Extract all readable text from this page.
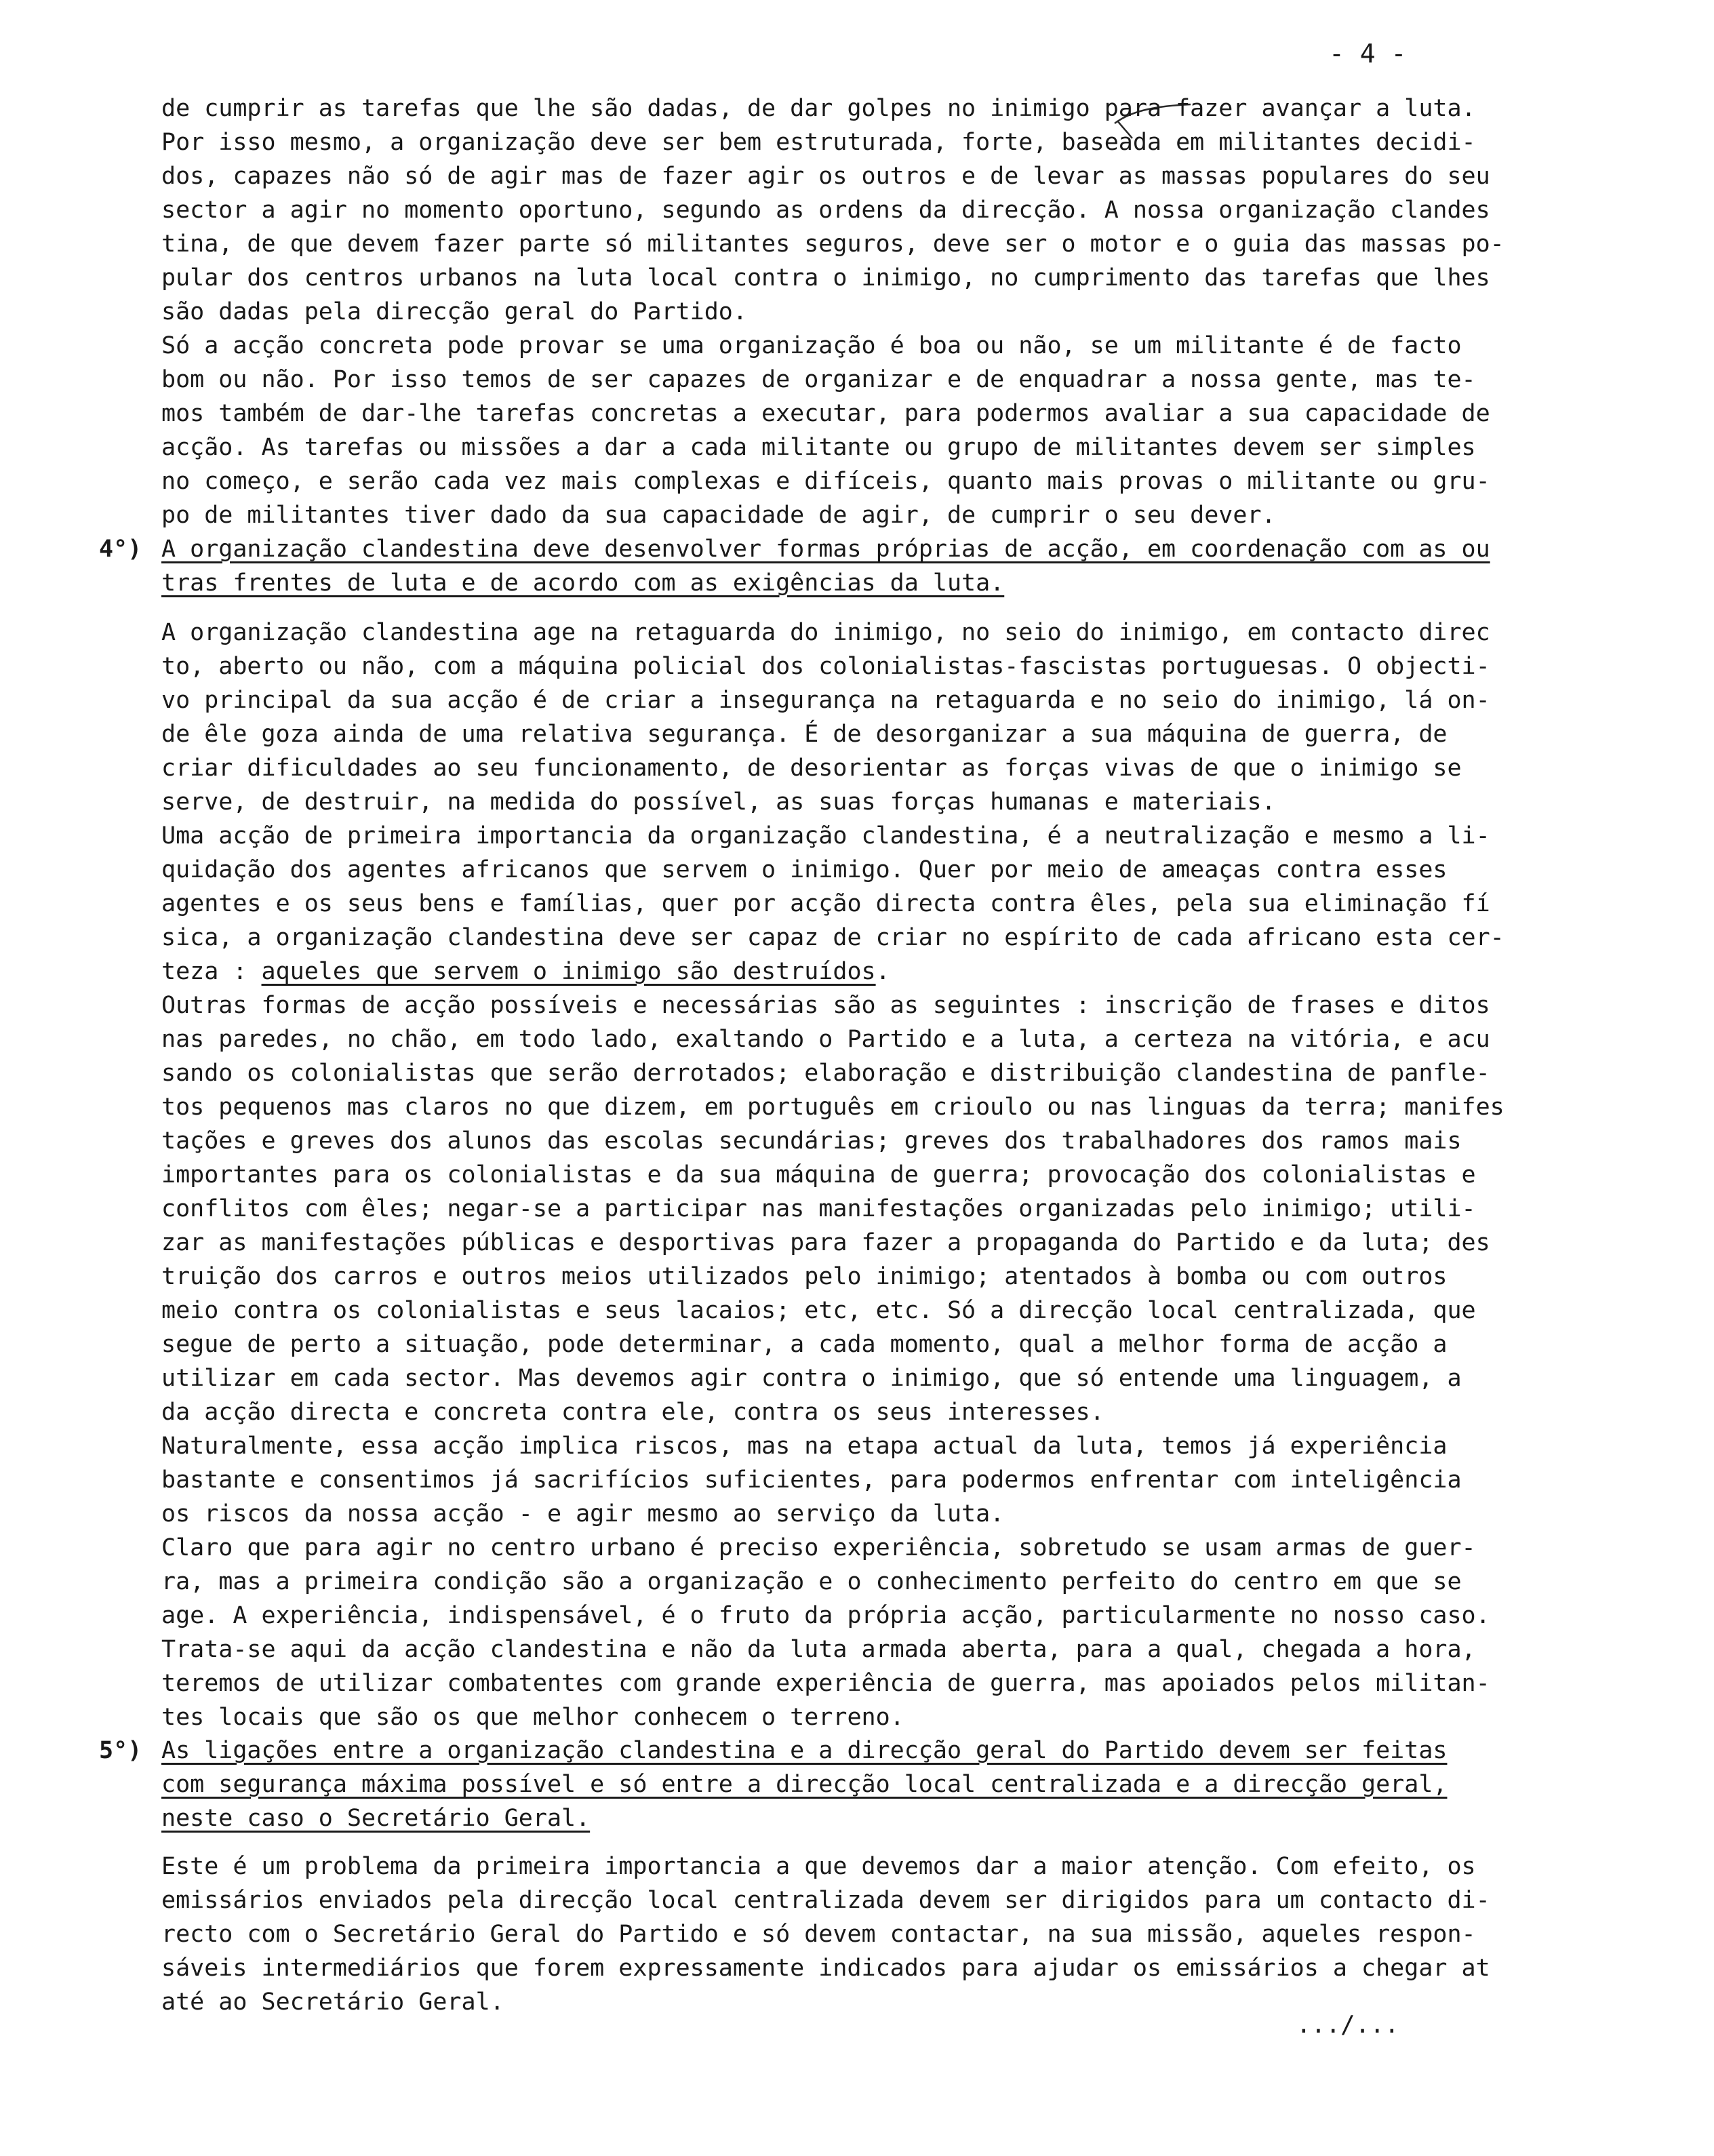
- 4 -
de cumprir as tarefas que lhe são dadas, de dar golpes no inimigo para fazer avançar a luta.
Por isso mesmo, a organização deve ser bem estruturada, forte, baseada em militantes decidi-
dos, capazes não só de agir mas de fazer agir os outros e de levar as massas populares do seu
sector a agir no momento oportuno, segundo as ordens da direcção. A nossa organização clandes
tina, de que devem fazer parte só militantes seguros, deve ser o motor e o guia das massas po-
pular dos centros urbanos na luta local contra o inimigo, no cumprimento das tarefas que lhes
são dadas pela direcção geral do Partido.
Só a acção concreta pode provar se uma organização é boa ou não, se um militante é de facto
bom ou não. Por isso temos de ser capazes de organizar e de enquadrar a nossa gente, mas te-
mos também de dar-lhe tarefas concretas a executar, para podermos avaliar a sua capacidade de
acção. As tarefas ou missões a dar a cada militante ou grupo de militantes devem ser simples
no começo, e serão cada vez mais complexas e difíceis, quanto mais provas o militante ou gru-
po de militantes tiver dado da sua capacidade de agir, de cumprir o seu dever.
4°) A organização clandestina deve desenvolver formas próprias de acção, em coordenação com as ou
tras frentes de luta e de acordo com as exigências da luta.
A organização clandestina age na retaguarda do inimigo, no seio do inimigo, em contacto direc
to, aberto ou não, com a máquina policial dos colonialistas-fascistas portuguesas. O objecti-
vo principal da sua acção é de criar a insegurança na retaguarda e no seio do inimigo, lá on-
de êle goza ainda de uma relativa segurança. É de desorganizar a sua máquina de guerra, de
criar dificuldades ao seu funcionamento, de desorientar as forças vivas de que o inimigo se
serve, de destruir, na medida do possível, as suas forças humanas e materiais.
Uma acção de primeira importancia da organização clandestina, é a neutralização e mesmo a li-
quidação dos agentes africanos que servem o inimigo. Quer por meio de ameaças contra esses
agentes e os seus bens e famílias, quer por acção directa contra êles, pela sua eliminação fí
sica, a organização clandestina deve ser capaz de criar no espírito de cada africano esta cer-
teza : aqueles que servem o inimigo são destruídos.
Outras formas de acção possíveis e necessárias são as seguintes : inscrição de frases e ditos
nas paredes, no chão, em todo lado, exaltando o Partido e a luta, a certeza na vitória, e acu
sando os colonialistas que serão derrotados; elaboração e distribuição clandestina de panfle-
tos pequenos mas claros no que dizem, em português em crioulo ou nas linguas da terra; manifes
tações e greves dos alunos das escolas secundárias; greves dos trabalhadores dos ramos mais
importantes para os colonialistas e da sua máquina de guerra; provocação dos colonialistas e
conflitos com êles; negar-se a participar nas manifestações organizadas pelo inimigo; utili-
zar as manifestações públicas e desportivas para fazer a propaganda do Partido e da luta; des
truição dos carros e outros meios utilizados pelo inimigo; atentados à bomba ou com outros
meio contra os colonialistas e seus lacaios; etc, etc. Só a direcção local centralizada, que
segue de perto a situação, pode determinar, a cada momento, qual a melhor forma de acção a
utilizar em cada sector. Mas devemos agir contra o inimigo, que só entende uma linguagem, a
da acção directa e concreta contra ele, contra os seus interesses.
Naturalmente, essa acção implica riscos, mas na etapa actual da luta, temos já experiência
bastante e consentimos já sacrifícios suficientes, para podermos enfrentar com inteligência
os riscos da nossa acção - e agir mesmo ao serviço da luta.
Claro que para agir no centro urbano é preciso experiência, sobretudo se usam armas de guer-
ra, mas a primeira condição são a organização e o conhecimento perfeito do centro em que se
age. A experiência, indispensável, é o fruto da própria acção, particularmente no nosso caso.
Trata-se aqui da acção clandestina e não da luta armada aberta, para a qual, chegada a hora,
teremos de utilizar combatentes com grande experiência de guerra, mas apoiados pelos militan-
tes locais que são os que melhor conhecem o terreno.
5°) As ligações entre a organização clandestina e a direcção geral do Partido devem ser feitas
com segurança máxima possível e só entre a direcção local centralizada e a direcção geral,
neste caso o Secretário Geral.
Este é um problema da primeira importancia a que devemos dar a maior atenção. Com efeito, os
emissários enviados pela direcção local centralizada devem ser dirigidos para um contacto di-
recto com o Secretário Geral do Partido e só devem contactar, na sua missão, aqueles respon-
sáveis intermediários que forem expressamente indicados para ajudar os emissários a chegar at
até ao Secretário Geral.
.../...
